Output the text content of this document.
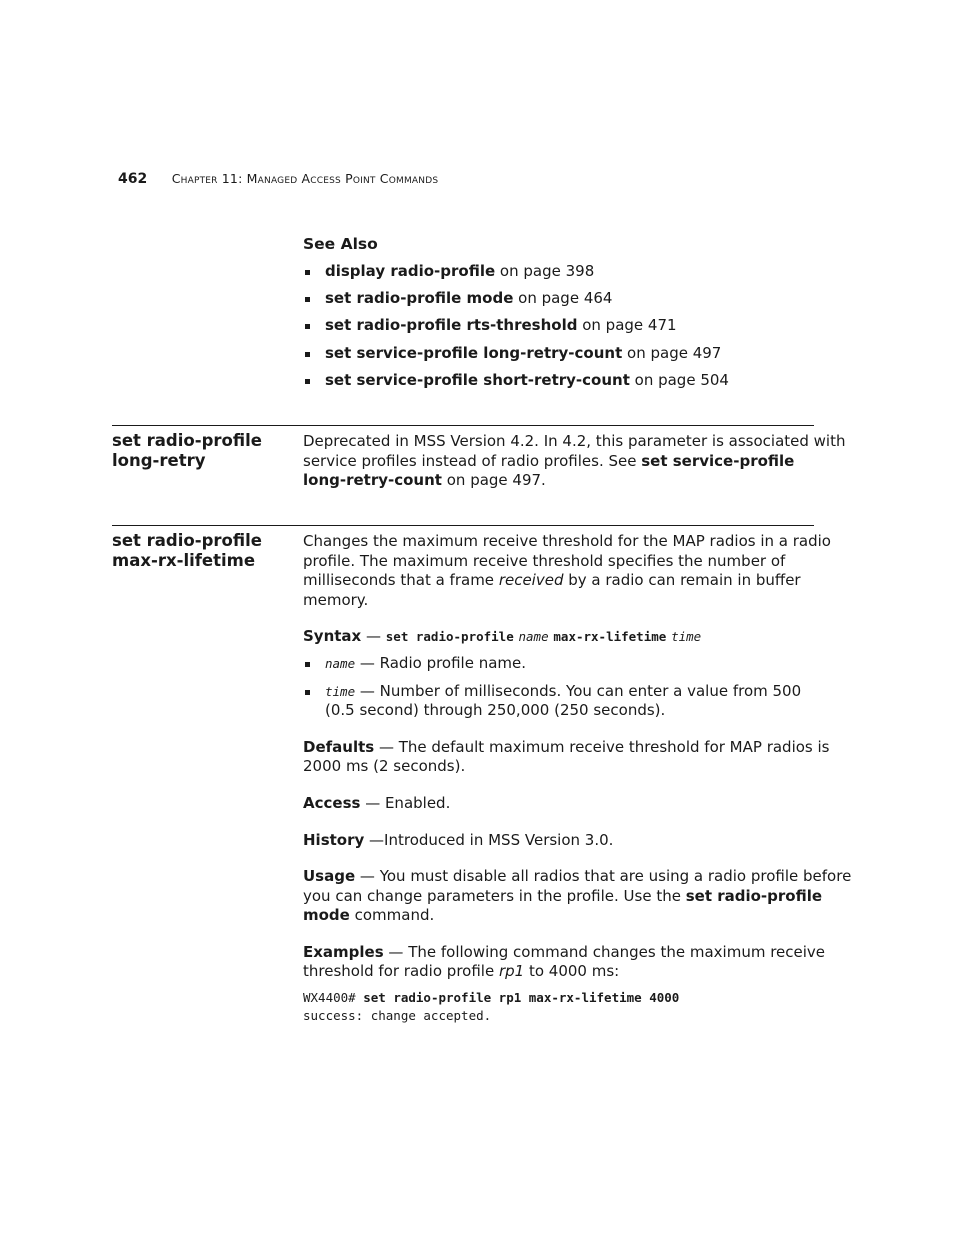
462 Chapter 11: Managed Access Point Commands
See Also
display radio-profile on page 398
set radio-profile mode on page 464
set radio-profile rts-threshold on page 471
set service-profile long-retry-count on page 497
set service-profile short-retry-count on page 504
set radio-profile
long-retry
Deprecated in MSS Version 4.2. In 4.2, this parameter is associated with
service profiles instead of radio profiles. See set service-profile
long-retry-count on page 497.
set radio-profile
max-rx-lifetime
Changes the maximum receive threshold for the MAP radios in a radio
profile. The maximum receive threshold specifies the number of
milliseconds that a frame received by a radio can remain in buffer
memory.
Syntax — set radio-profile name max-rx-lifetime time
name — Radio profile name.
time — Number of milliseconds. You can enter a value from 500
(0.5 second) through 250,000 (250 seconds).
Defaults — The default maximum receive threshold for MAP radios is
2000 ms (2 seconds).
Access — Enabled.
History —Introduced in MSS Version 3.0.
Usage — You must disable all radios that are using a radio profile before
you can change parameters in the profile. Use the set radio-profile
mode command.
Examples — The following command changes the maximum receive
threshold for radio profile rp1 to 4000 ms:
WX4400# set radio-profile rp1 max-rx-lifetime 4000
success: change accepted.
